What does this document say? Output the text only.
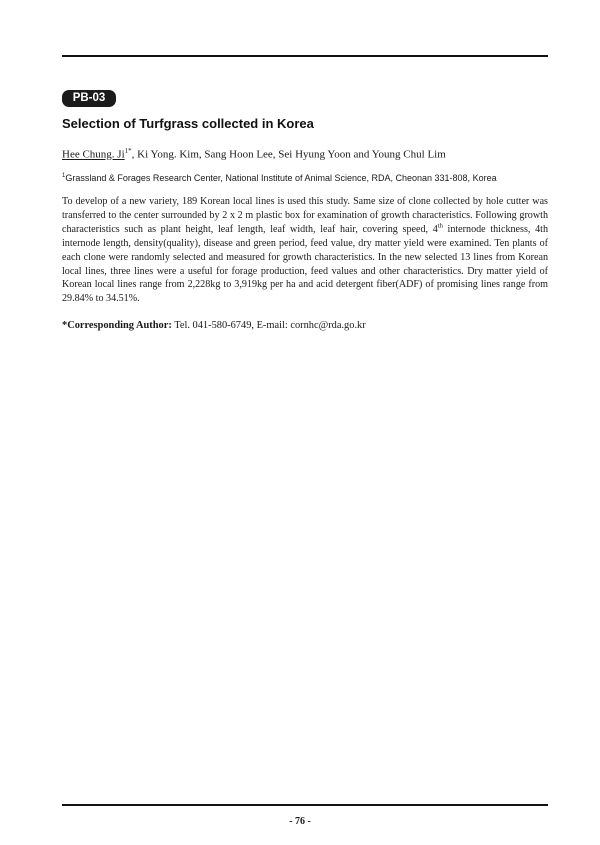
PB-03
Selection of Turfgrass collected in Korea
Hee Chung. $Ji^{1*}$, Ki Yong. Kim, Sang Hoon Lee, Sei Hyung Yoon and Young Chul Lim
$^1$Grassland & Forages Research Center, National Institute of Animal Science, RDA, Cheonan 331-808, Korea

To develop of a new variety, 189 Korean local lines is used this study. Same size of clone collected by hole cutter was transferred to the center surrounded by 2 x 2 m plastic box for examination of growth characteristics. Following growth characteristics such as plant height, leaf length, leaf width, leaf hair, covering speed, 4th internode thickness, 4th internode length, density(quality), disease and green period, feed value, dry matter yield were examined. Ten plants of each clone were randomly selected and measured for growth characteristics. In the new selected 13 lines from Korean local lines, three lines were a useful for forage production, feed values and other characteristics. Dry matter yield of Korean local lines range from 2,228kg to 3,919kg per ha and acid detergent fiber(ADF) of promising lines range from 29.84% to 34.51%.

*Corresponding Author: Tel. 041-580-6749, E-mail: cornhc@rda.go.kr
- 76 -
